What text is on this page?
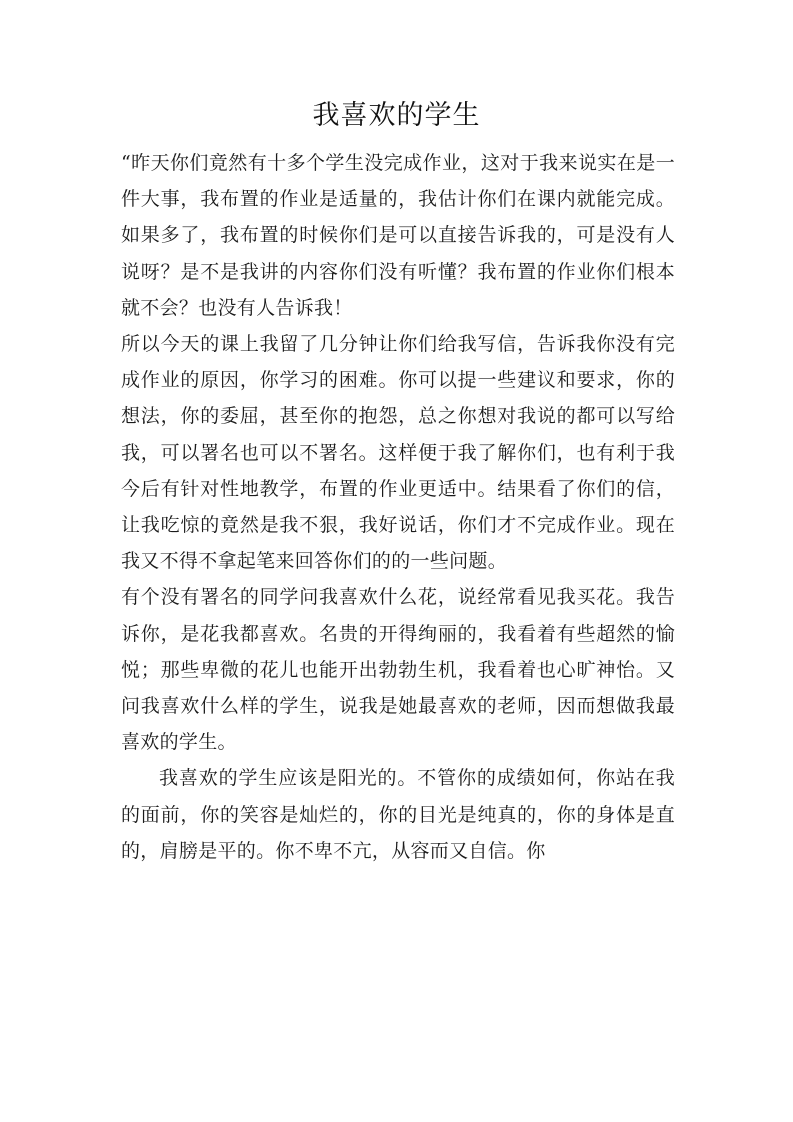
我喜欢的学生

“昨天你们竟然有十多个学生没完成作业，这对于我来说实在是一件大事，我布置的作业是适量的，我估计你们在课内就能完成。如果多了，我布置的时候你们是可以直接告诉我的，可是没有人说呀？是不是我讲的内容你们没有听懂？我布置的作业你们根本就不会？也没有人告诉我！

所以今天的课上我留了几分钟让你们给我写信，告诉我你没有完成作业的原因，你学习的困难。你可以提一些建议和要求，你的想法，你的委屈，甚至你的抱怨，总之你想对我说的都可以写给我，可以署名也可以不署名。这样便于我了解你们，也有利于我今后有针对性地教学，布置的作业更适中。结果看了你们的信，让我吃惊的竟然是我不狠，我好说话，你们才不完成作业。现在我又不得不拿起笔来回答你们的的一些问题。

有个没有署名的同学问我喜欢什么花，说经常看见我买花。我告诉你，是花我都喜欢。名贵的开得绚丽的，我看着有些超然的愉悦；那些卑微的花儿也能开出勃勃生机，我看着也心旷神怡。又问我喜欢什么样的学生，说我是她最喜欢的老师，因而想做我最喜欢的学生。

我喜欢的学生应该是阳光的。不管你的成绩如何，你站在我的面前，你的笑容是灿烂的，你的目光是纯真的，你的身体是直的，肩膀是平的。你不卑不亢，从容而又自信。你
